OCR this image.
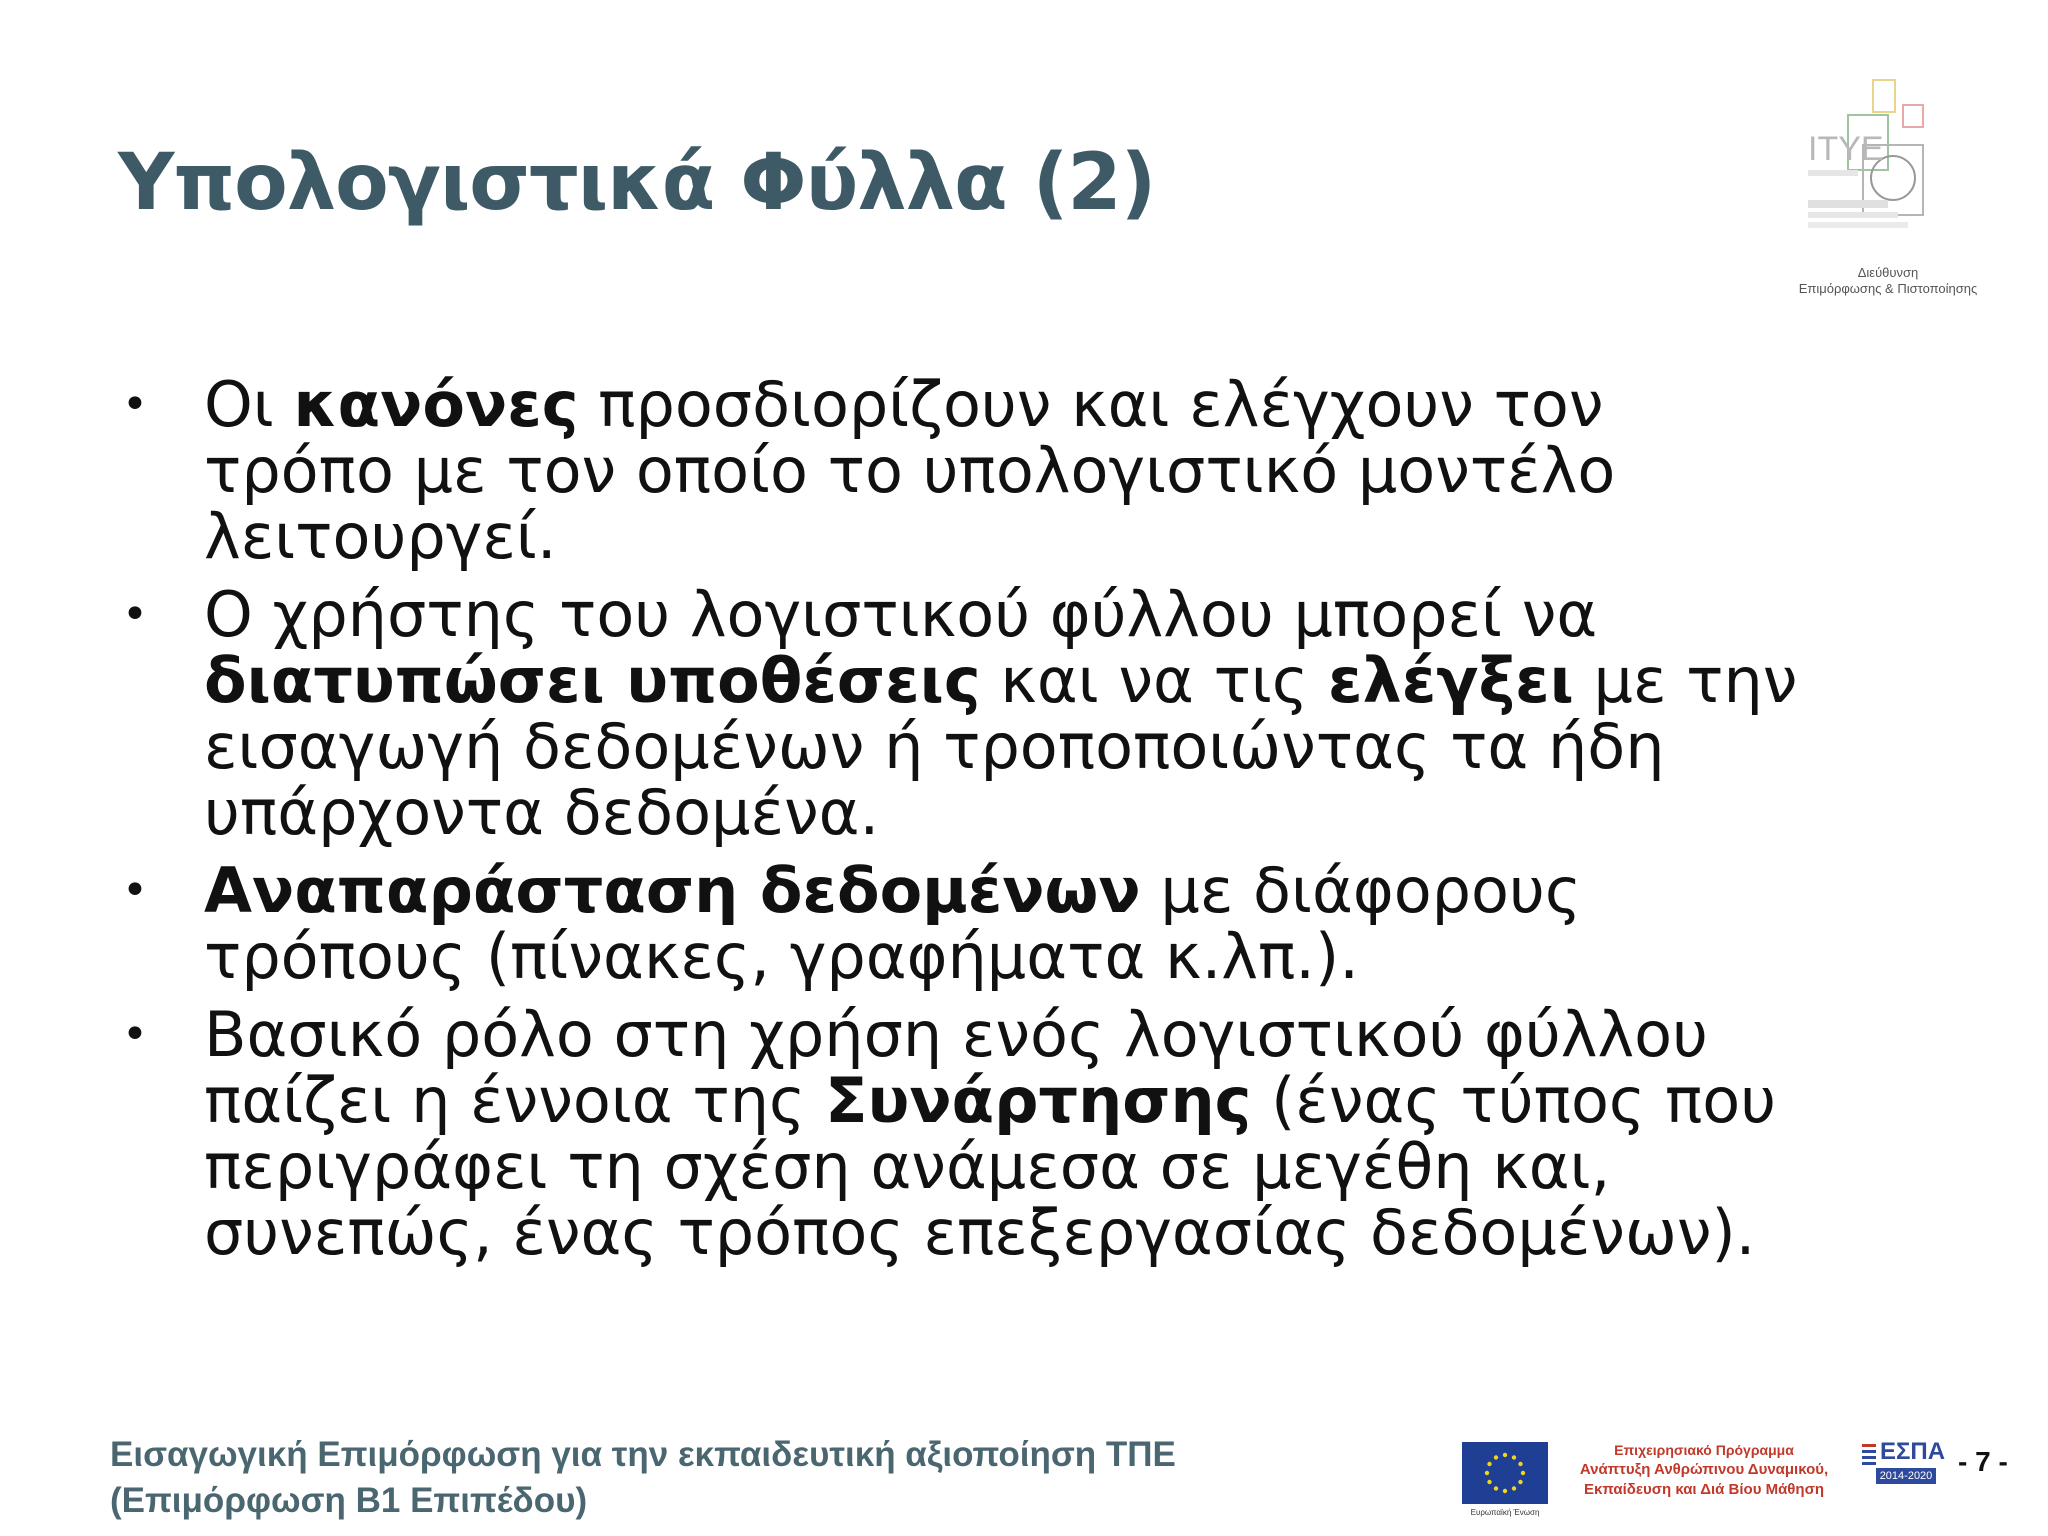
Υπολογιστικά Φύλλα (2)	ΙΤΥΕ
Διεύθυνση
Επιμόρφωσης & Πιστοποίησης
• Οι κανόνες προσδιορίζουν και ελέγχουν τον
τρόπο με τον οποίο το υπολογιστικό μοντέλο
λειτουργεί.
• Ο χρήστης του λογιστικού φύλλου μπορεί να
διατυπώσει υποθέσεις και να τις ελέγξει με την
εισαγωγή δεδομένων ή τροποποιώντας τα ήδη
υπάρχοντα δεδομένα.
• Αναπαράσταση δεδομένων με διάφορους
τρόπους (πίνακες, γραφήματα κ.λπ.).
• Βασικό ρόλο στη χρήση ενός λογιστικού φύλλου
παίζει η έννοια της Συνάρτησης (ένας τύπος που
περιγράφει τη σχέση ανάμεσα σε μεγέθη και,
συνεπώς, ένας τρόπος επεξεργασίας δεδομένων).
Εισαγωγική Επιμόρφωση για την εκπαιδευτική αξιοποίηση ΤΠΕ
(Επιμόρφωση Β1 Επιπέδου)	Ευρωπαϊκή Ένωση
Επιχειρησιακό Πρόγραμμα
Ανάπτυξη Ανθρώπινου Δυναμικού,
Εκπαίδευση και Διά Βίου Μάθηση
ΕΣΠΑ
2014-2020 - 7 -
